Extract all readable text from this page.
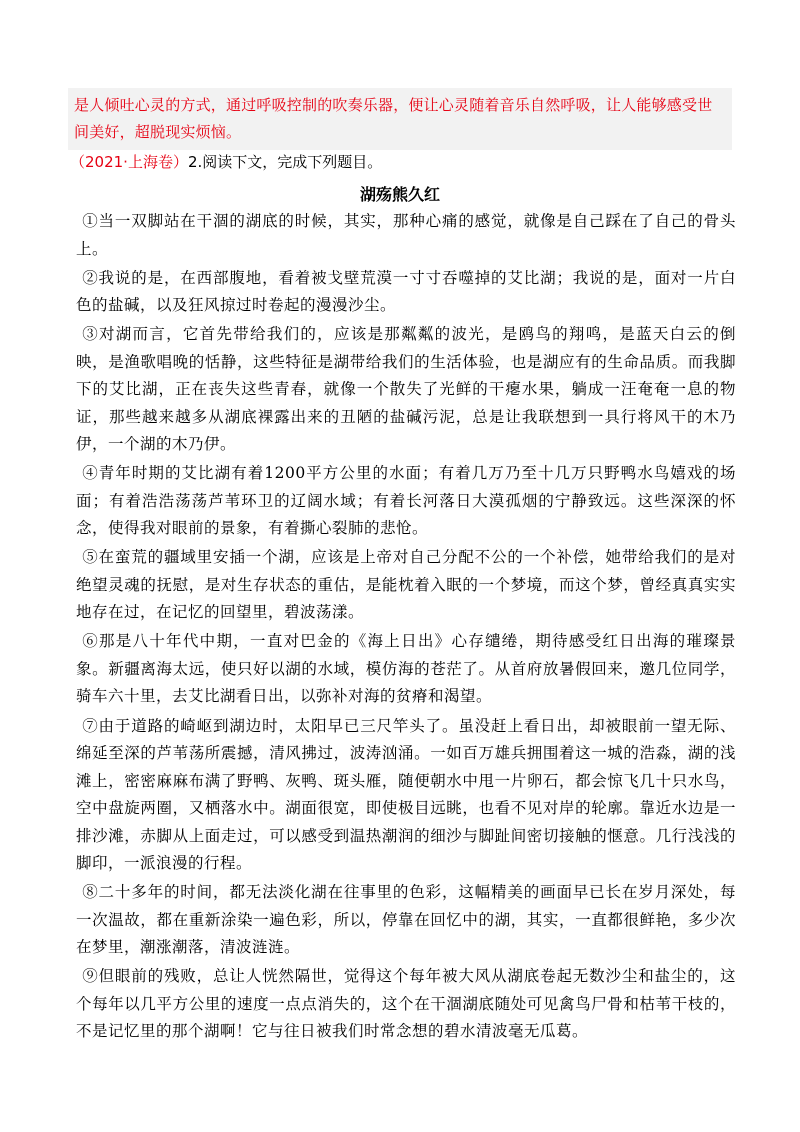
是人倾吐心灵的方式，通过呼吸控制的吹奏乐器，便让心灵随着音乐自然呼吸，让人能够感受世间美好，超脱现实烦恼。

（2021·上海卷）2.阅读下文，完成下列题目。
湖殇熊久红

①当一双脚站在干涸的湖底的时候，其实，那种心痛的感觉，就像是自己踩在了自己的骨头上。

②我说的是，在西部腹地，看着被戈壁荒漠一寸寸吞噬掉的艾比湖；我说的是，面对一片白色的盐碱，以及狂风掠过时卷起的漫漫沙尘。

③对湖而言，它首先带给我们的，应该是那粼粼的波光，是鸥鸟的翔鸣，是蓝天白云的倒映，是渔歌唱晚的恬静，这些特征是湖带给我们的生活体验，也是湖应有的生命品质。而我脚下的艾比湖，正在丧失这些青春，就像一个散失了光鲜的干瘪水果，躺成一汪奄奄一息的物证，那些越来越多从湖底裸露出来的丑陋的盐碱污泥，总是让我联想到一具行将风干的木乃伊，一个湖的木乃伊。

④青年时期的艾比湖有着1200平方公里的水面；有着几万乃至十几万只野鸭水鸟嬉戏的场面；有着浩浩荡荡芦苇环卫的辽阔水域；有着长河落日大漠孤烟的宁静致远。这些深深的怀念，使得我对眼前的景象，有着撕心裂肺的悲怆。

⑤在蛮荒的疆域里安插一个湖，应该是上帝对自己分配不公的一个补偿，她带给我们的是对绝望灵魂的抚慰，是对生存状态的重估，是能枕着入眠的一个梦境，而这个梦，曾经真真实实地存在过，在记忆的回望里，碧波荡漾。

⑥那是八十年代中期，一直对巴金的《海上日出》心存缱绻，期待感受红日出海的璀璨景象。新疆离海太远，使只好以湖的水域，模仿海的苍茫了。从首府放暑假回来，邀几位同学，骑车六十里，去艾比湖看日出，以弥补对海的贫瘠和渴望。

⑦由于道路的崎岖到湖边时，太阳早已三尺竿头了。虽没赶上看日出，却被眼前一望无际、绵延至深的芦苇荡所震撼，清风拂过，波涛汹涌。一如百万雄兵拥围着这一城的浩淼，湖的浅滩上，密密麻麻布满了野鸭、灰鸭、斑头雁，随便朝水中甩一片卵石，都会惊飞几十只水鸟，空中盘旋两圈，又栖落水中。湖面很宽，即使极目远眺，也看不见对岸的轮廓。靠近水边是一排沙滩，赤脚从上面走过，可以感受到温热潮润的细沙与脚趾间密切接触的惬意。几行浅浅的脚印，一派浪漫的行程。

⑧二十多年的时间，都无法淡化湖在往事里的色彩，这幅精美的画面早已长在岁月深处，每一次温故，都在重新涂染一遍色彩，所以，停靠在回忆中的湖，其实，一直都很鲜艳，多少次在梦里，潮涨潮落，清波涟涟。

⑨但眼前的残败，总让人恍然隔世，觉得这个每年被大风从湖底卷起无数沙尘和盐尘的，这个每年以几平方公里的速度一点点消失的，这个在干涸湖底随处可见禽鸟尸骨和枯苇干枝的，不是记忆里的那个湖啊！它与往日被我们时常念想的碧水清波毫无瓜葛。
